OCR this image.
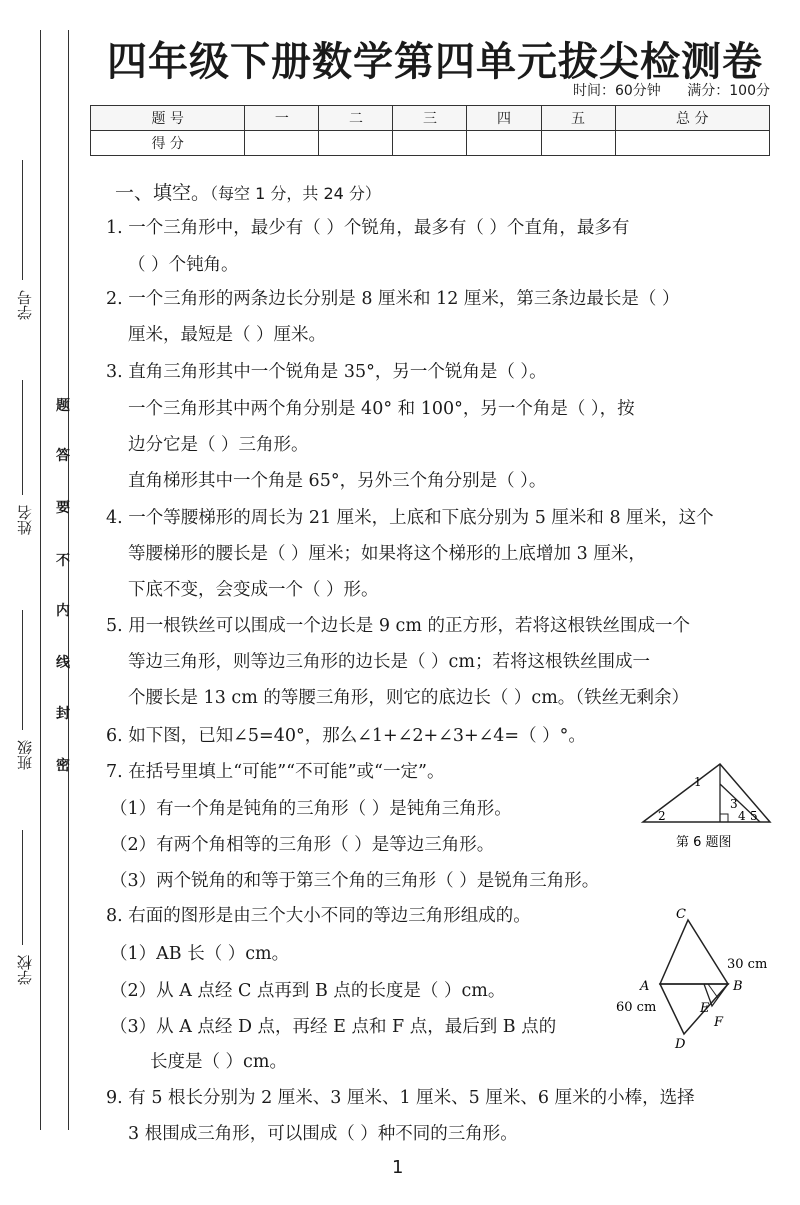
学号
姓名
班级
学校
题
答
要
不
内
线
封
密
四年级下册数学第四单元拔尖检测卷
时间：60分钟 满分：100分
题 号	一	二	三	四	五	总 分
得 分						
一、填空。（每空 1 分，共 24 分）
1. 一个三角形中，最少有（ ）个锐角，最多有（ ）个直角，最多有
（ ）个钝角。
2. 一个三角形的两条边长分别是 8 厘米和 12 厘米，第三条边最长是（ ）
厘米，最短是（ ）厘米。
3. 直角三角形其中一个锐角是 35°，另一个锐角是（ ）。
一个三角形其中两个角分别是 40° 和 100°，另一个角是（ ），按
边分它是（ ）三角形。
直角梯形其中一个角是 65°，另外三个角分别是（ ）。
4. 一个等腰梯形的周长为 21 厘米，上底和下底分别为 5 厘米和 8 厘米，这个
等腰梯形的腰长是（ ）厘米；如果将这个梯形的上底增加 3 厘米，
下底不变，会变成一个（ ）形。
5. 用一根铁丝可以围成一个边长是 9 cm 的正方形，若将这根铁丝围成一个
等边三角形，则等边三角形的边长是（ ）cm；若将这根铁丝围成一
个腰长是 13 cm 的等腰三角形，则它的底边长（ ）cm。（铁丝无剩余）
6. 如下图，已知∠5=40°，那么∠1+∠2+∠3+∠4=（ ）°。
7. 在括号里填上“可能”“不可能”或“一定”。
（1）有一个角是钝角的三角形（ ）是钝角三角形。
（2）有两个角相等的三角形（ ）是等边三角形。
（3）两个锐角的和等于第三个角的三角形（ ）是锐角三角形。
8. 右面的图形是由三个大小不同的等边三角形组成的。
（1）AB 长（ ）cm。
（2）从 A 点经 C 点再到 B 点的长度是（ ）cm。
（3）从 A 点经 D 点，再经 E 点和 F 点，最后到 B 点的
长度是（ ）cm。
9. 有 5 根长分别为 2 厘米、3 厘米、1 厘米、5 厘米、6 厘米的小棒，选择
3 根围成三角形，可以围成（ ）种不同的三角形。
1
2
3
4 5
第 6 题图
C
A	B
D
E
F
30 cm
60 cm
1
